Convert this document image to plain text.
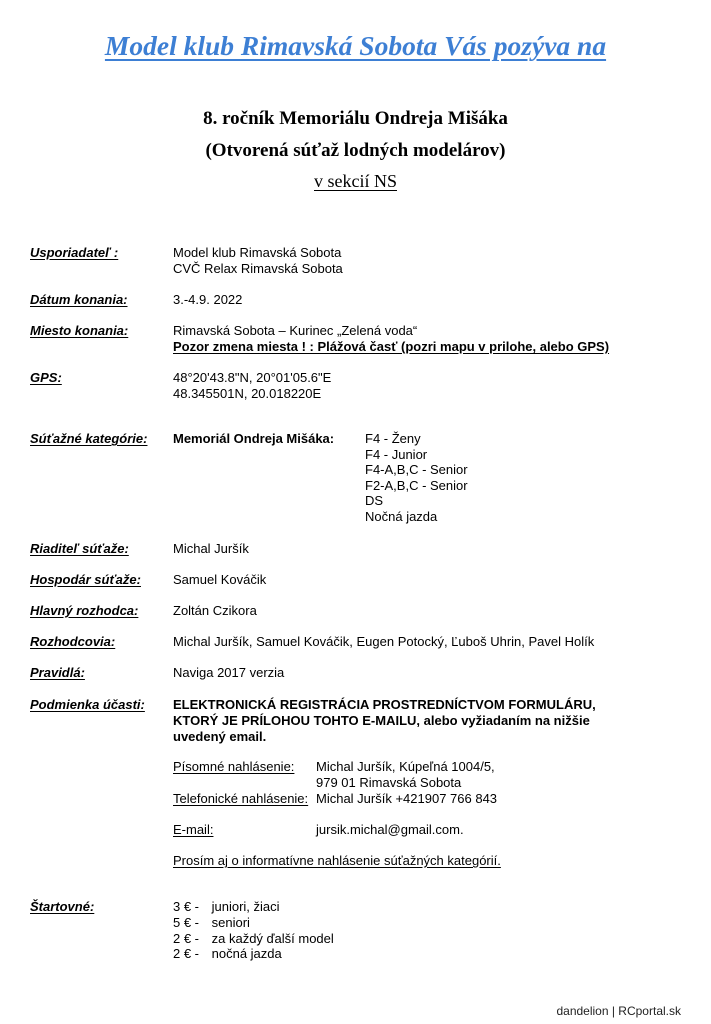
Model klub Rimavská Sobota Vás pozýva na
8. ročník Memoriálu Ondreja Mišáka
(Otvorená súťaž lodných modelárov)
v sekcií NS
Usporiadateľ :	Model klub Rimavská Sobota
CVČ Relax Rimavská Sobota
Dátum konania:	3.-4.9. 2022
Miesto konania:	Rimavská Sobota – Kurinec „Zelená voda“
Pozor zmena miesta ! : Plážová časť (pozri mapu v prilohe, alebo GPS)
GPS:	48°20'43.8"N, 20°01'05.6"E
48.345501N, 20.018220E
Súťažné kategórie: Memoriál Ondreja Mišáka: F4 - Ženy
F4 - Junior
F4-A,B,C - Senior
F2-A,B,C - Senior
DS
Nočná jazda
Riaditeľ súťaže:	Michal Juršík
Hospodár súťaže: Samuel Kováčik
Hlavný rozhodca:	Zoltán Czikora
Rozhodcovia:	Michal Juršík, Samuel Kováčik, Eugen Potocký, Ľuboš Uhrin, Pavel Holík
Pravidlá:	Naviga 2017 verzia
Podmienka účasti: ELEKTRONICKÁ REGISTRÁCIA PROSTREDNÍCTVOM FORMULÁRU,
KTORÝ JE PRÍLOHOU TOHTO E-MAILU, alebo vyžiadaním na nižšie
uvedený email.
Písomné nahlásenie: Michal Juršík, Kúpeľná 1004/5,
979 01 Rimavská Sobota
Telefonické nahlásenie: Michal Juršík +421907 766 843
E-mail:	jursik.michal@gmail.com.
Prosím aj o informatívne nahlásenie súťažných kategórií.
Štartovné:	3 € - juniori, žiaci
5 € - seniori
2 € - za každý ďalší model
2 € - nočná jazda
dandelion | RCportal.sk
